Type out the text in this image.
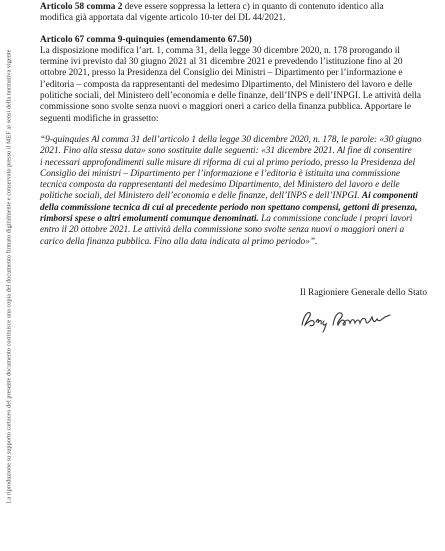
La riproduzione su supporto cartaceo del presente documento costituisce una copia del documento firmato digitalmente e conservato presso il MEF ai sensi della normativa vigente

Articolo 58 comma 2 deve essere soppressa la lettera c) in quanto di contenuto identico alla
modifica già apportata dal vigente articolo 10-ter del DL 44/2021.

Articolo 67 comma 9-quinquies (emendamento 67.50)

La disposizione modifica l’art. 1, comma 31, della legge 30 dicembre 2020, n. 178 prorogando il
termine ivi previsto dal 30 giugno 2021 al 31 dicembre 2021 e prevedendo l’istituzione fino al 20
ottobre 2021, presso la Presidenza del Consiglio dei Ministri – Dipartimento per l’informazione e
l’editoria – composta da rappresentanti del medesimo Dipartimento, del Ministero del lavoro e delle
politiche sociali, del Ministero dell’economia e delle finanze, dell’INPS e dell’INPGI. Le attività della
commissione sono svolte senza nuovi o maggiori oneri a carico della finanza pubblica. Apportare le
seguenti modifiche in grassetto:

“9-quinquies Al comma 31 dell’articolo 1 della legge 30 dicembre 2020, n. 178, le parole: «30 giugno
2021. Fino alla stessa data» sono sostituite dalle seguenti: «31 dicembre 2021. Al fine di consentire
i necessari approfondimenti sulle misure di riforma di cui al primo periodo, presso la Presidenza del
Consiglio dei ministri – Dipartimento per l’informazione e l’editoria è istituita una commissione
tecnica composta da rappresentanti del medesimo Dipartimento, del Ministero del lavoro e delle
politiche sociali, del Ministero dell’economia e delle finanze, dell’INPS e dell’INPGI. Ai componenti
della commissione tecnica di cui al precedente periodo non spettano compensi, gettoni di presenza,
rimborsi spese o altri emolumenti comunque denominati. La commissione conclude i propri lavori
entro il 20 ottobre 2021. Le attività della commissione sono svolte senza nuovi o maggiori oneri a
carico della finanza pubblica. Fino alla data indicata al primo periodo»”.

Il Ragioniere Generale dello Stato
